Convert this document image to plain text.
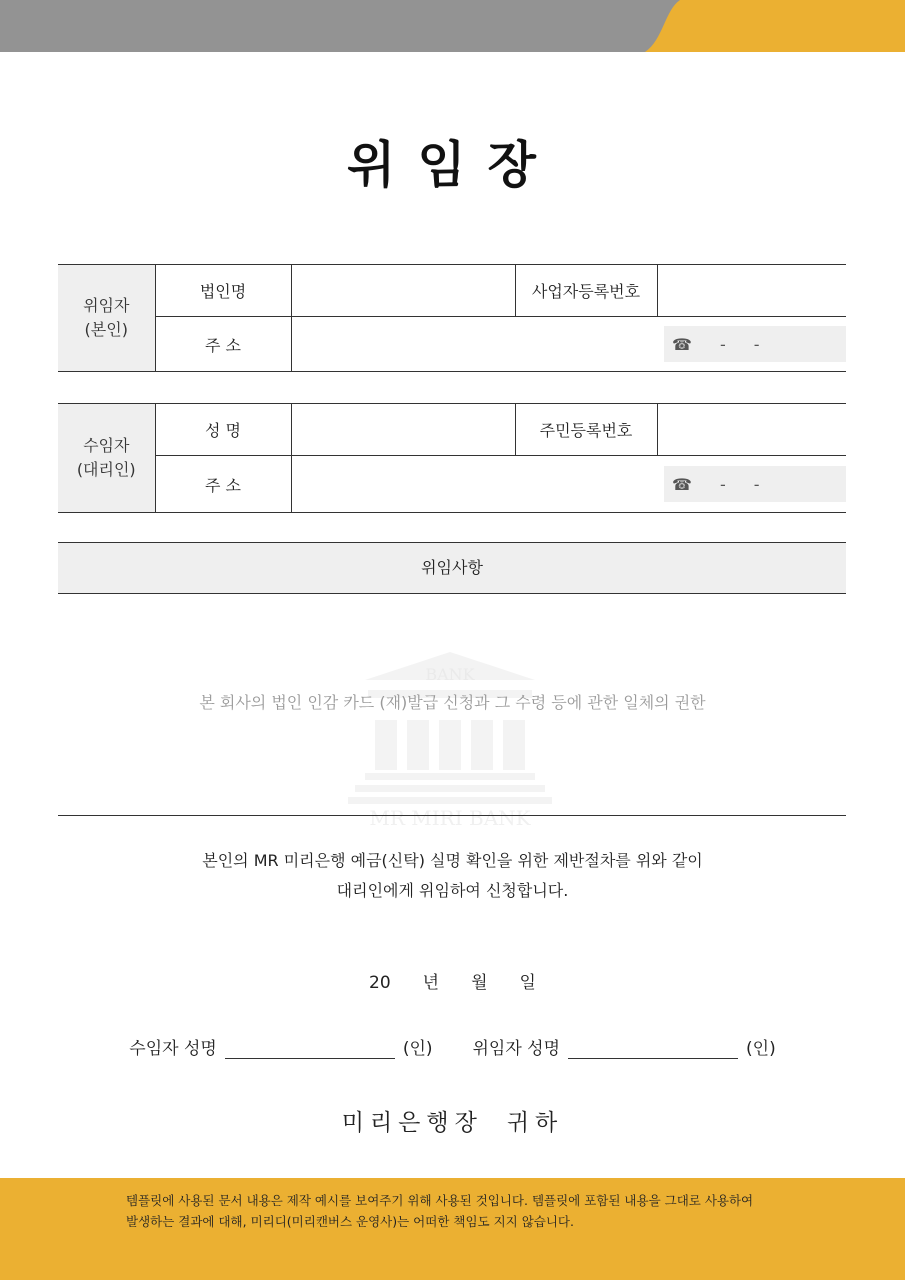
위임장
위임자
(본인)	법인명		사업자등록번호	
	주 소	☎ - -		
수임자
(대리인)	성 명		주민등록번호	
	주 소	☎ - -		
위임사항
BANK
MR MIRI BANK
본 회사의 법인 인감 카드 (재)발급 신청과 그 수령 등에 관한 일체의 권한
본인의 MR 미리은행 예금(신탁) 실명 확인을 위한 제반절차를 위와 같이
대리인에게 위임하여 신청합니다.
20 년 월 일
수임자 성명	(인) 위임자 성명	(인)
미리은행장 귀하
템플릿에 사용된 문서 내용은 제작 예시를 보여주기 위해 사용된 것입니다. 템플릿에 포함된 내용을 그대로 사용하여
발생하는 결과에 대해, 미리디(미리캔버스 운영사)는 어떠한 책임도 지지 않습니다.
